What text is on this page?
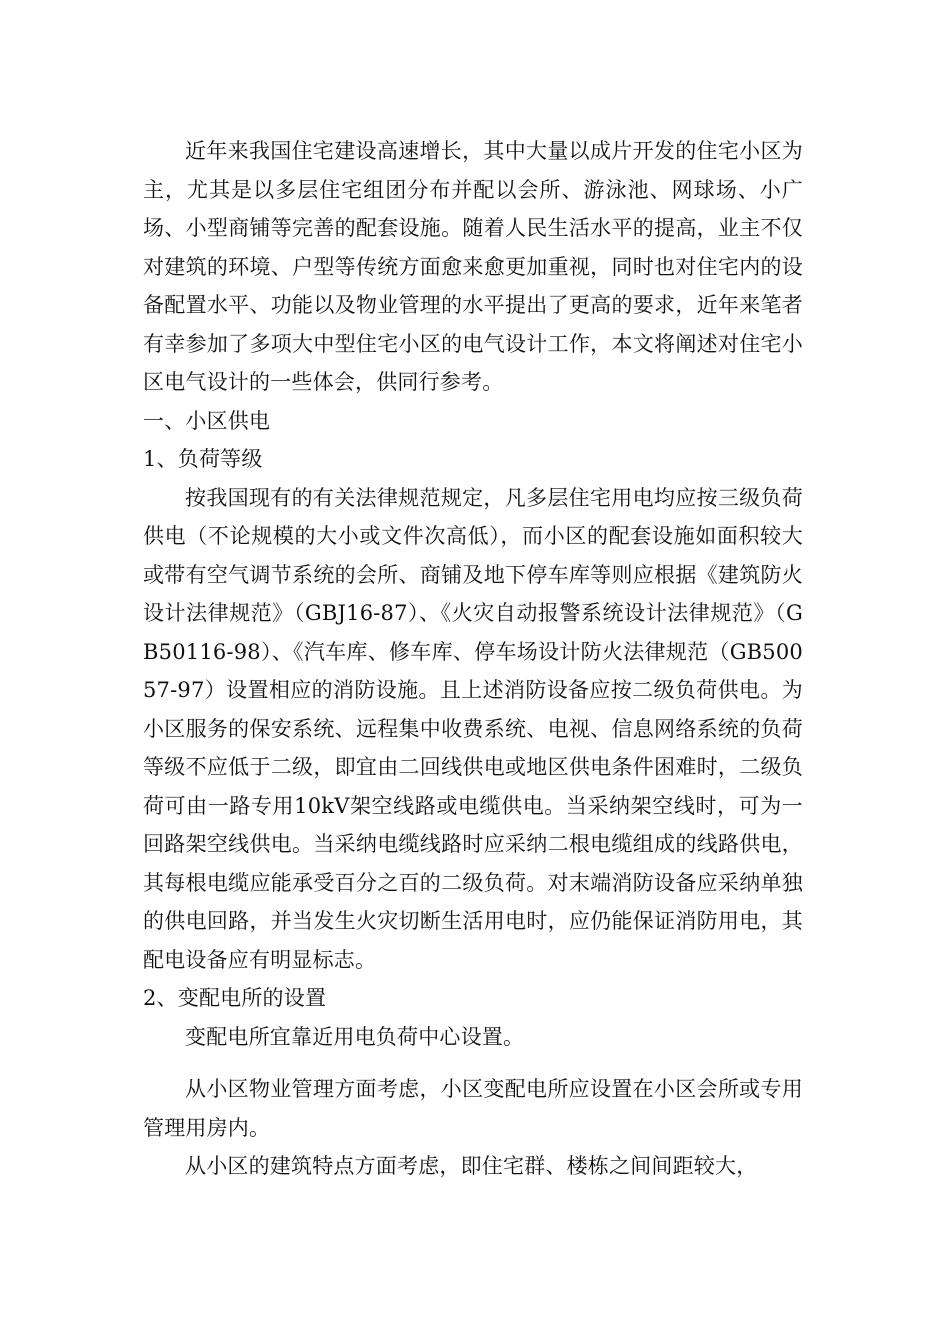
近年来我国住宅建设高速增长，其中大量以成片开发的住宅小区为主，尤其是以多层住宅组团分布并配以会所、游泳池、网球场、小广场、小型商铺等完善的配套设施。随着人民生活水平的提高，业主不仅对建筑的环境、户型等传统方面愈来愈更加重视，同时也对住宅内的设备配置水平、功能以及物业管理的水平提出了更高的要求，近年来笔者有幸参加了多项大中型住宅小区的电气设计工作，本文将阐述对住宅小区电气设计的一些体会，供同行参考。

一、小区供电

1、负荷等级

按我国现有的有关法律规范规定，凡多层住宅用电均应按三级负荷供电（不论规模的大小或文件次高低），而小区的配套设施如面积较大或带有空气调节系统的会所、商铺及地下停车库等则应根据《建筑防火设计法律规范》（GBJ16-87）、《火灾自动报警系统设计法律规范》（GB50116-98）、《汽车库、修车库、停车场设计防火法律规范（GB50057-97）设置相应的消防设施。且上述消防设备应按二级负荷供电。为小区服务的保安系统、远程集中收费系统、电视、信息网络系统的负荷等级不应低于二级，即宜由二回线供电或地区供电条件困难时，二级负荷可由一路专用10kV架空线路或电缆供电。当采纳架空线时，可为一回路架空线供电。当采纳电缆线路时应采纳二根电缆组成的线路供电，其每根电缆应能承受百分之百的二级负荷。对末端消防设备应采纳单独的供电回路，并当发生火灾切断生活用电时，应仍能保证消防用电，其配电设备应有明显标志。

2、变配电所的设置

变配电所宜靠近用电负荷中心设置。

从小区物业管理方面考虑，小区变配电所应设置在小区会所或专用管理用房内。

从小区的建筑特点方面考虑，即住宅群、楼栋之间间距较大，
